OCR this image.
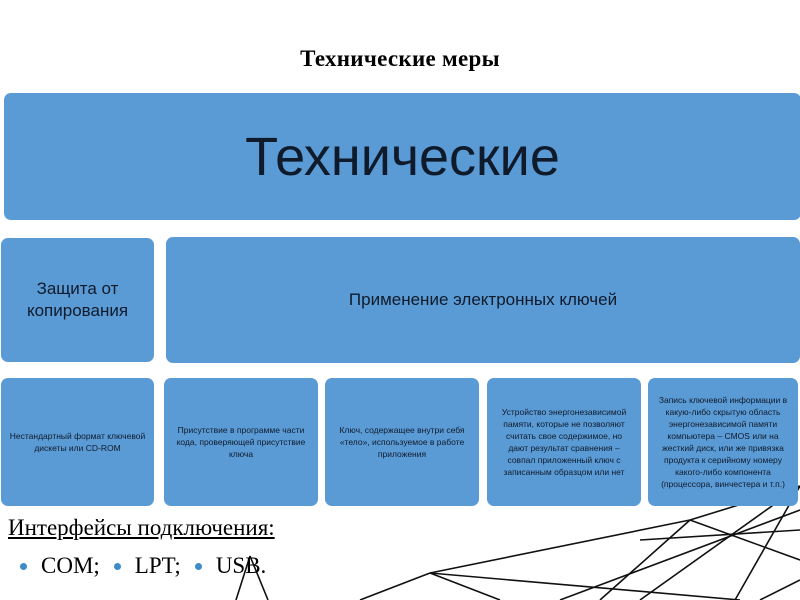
Технические меры
Технические
Защита от копирования
Применение электронных ключей
Нестандартный формат ключевой дискеты или CD-ROM
Присутствие в программе части кода, проверяющей присутствие ключа
Ключ, содержащее внутри себя «тело», используемое в работе приложения
Устройство энергонезависимой памяти, которые не позволяют считать свое содержимое, но дают результат сравнения – совпал приложенный ключ с записанным образцом или нет
Запись ключевой информации в какую-либо скрытую область энергонезависимой памяти компьютера – CMOS или на жесткий диск, или же привязка продукта к серийному номеру какого-либо компонента (процессора, винчестера и т.п.)
Интерфейсы подключения:
COM; LPT; USB.
